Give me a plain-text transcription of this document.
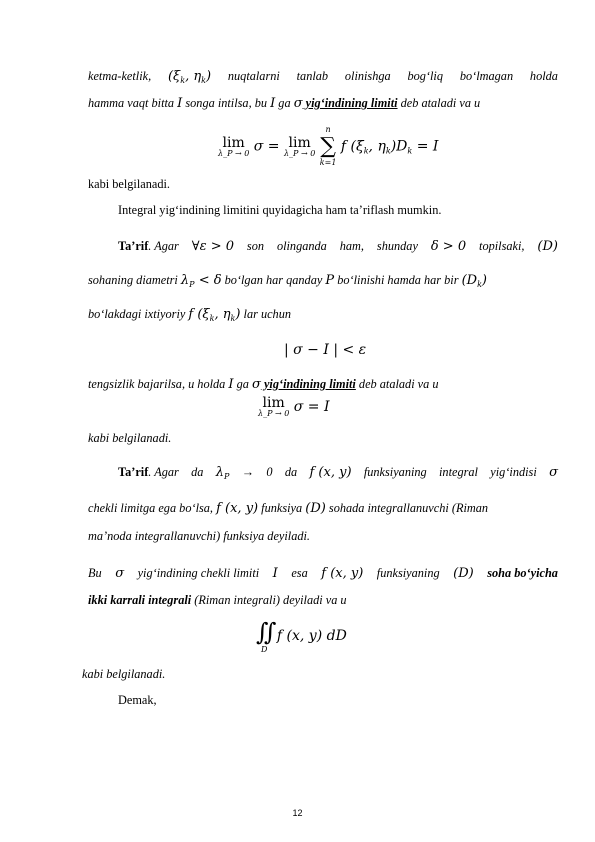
ketma-ketlik, ($\xi_k$, $\eta_k$) nuqtalarni tanlab olinishga bog‘liq bo‘lmagan holda
hamma vaqt bitta I songa intilsa, bu I ga σ yig‘indining limiti deb ataladi va u
lim
λ_P → 0 σ = lim
λ_P → 0

n
∑
k=1
f ($\xi_k$, $\eta_k)D_k = I$
kabi belgilanadi.
Integral yig‘indining limitini quyidagicha ham ta’riflash mumkin.
Ta’rif. Agar ∀ε > 0 son olinganda ham, shunday δ > 0 topilsaki, (D)
sohaning diametri $\lambda_P < \delta$ bo‘lgan har qanday P bo‘linishi hamda har bir $(D_k)$
bo‘lakdagi ixtiyoriy f ($\xi_k$, $\eta_k$) lar uchun
| σ − I | < ε
tengsizlik bajarilsa, u holda I ga σ yig‘indining limiti deb ataladi va u
lim
λ_P → 0 σ = I
kabi belgilanadi.
Ta’rif. Agar da $\lambda_P \to 0$ da f (x, y) funksiyaning integral yig‘indisi σ
chekli limitga ega bo‘lsa, f (x, y) funksiya (D) sohada integrallanuvchi (Riman
ma’noda integrallanuvchi) funksiya deyiladi.
Bu σ yig‘indining chekli limiti I esa f (x, y) funksiyaning (D) soha bo‘yicha
ikki karrali integrali (Riman integrali) deyiladi va u
∬
D
f (x, y) dD
kabi belgilanadi.
Demak,
12
